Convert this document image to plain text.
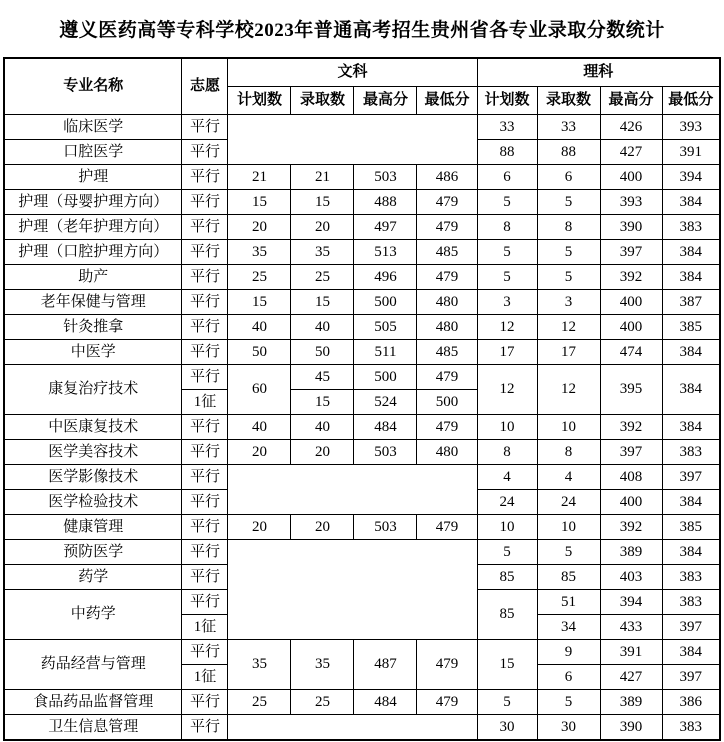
遵义医药高等专科学校2023年普通高考招生贵州省各专业录取分数统计
专业名称	志愿	文科				理科			
		计划数	录取数	最高分	最低分	计划数	录取数	最高分	最低分
临床医学	平行					33	33	426	393
口腔医学	平行					88	88	427	391
护理	平行	21	21	503	486	6	6	400	394
护理（母婴护理方向）	平行	15	15	488	479	5	5	393	384
护理（老年护理方向）	平行	20	20	497	479	8	8	390	383
护理（口腔护理方向）	平行	35	35	513	485	5	5	397	384
助产	平行	25	25	496	479	5	5	392	384
老年保健与管理	平行	15	15	500	480	3	3	400	387
针灸推拿	平行	40	40	505	480	12	12	400	385
中医学	平行	50	50	511	485	17	17	474	384
康复治疗技术	平行	60	45	500	479	12	12	395	384
	1征		15	524	500				
中医康复技术	平行	40	40	484	479	10	10	392	384
医学美容技术	平行	20	20	503	480	8	8	397	383
医学影像技术	平行					4	4	408	397
医学检验技术	平行					24	24	400	384
健康管理	平行	20	20	503	479	10	10	392	385
预防医学	平行					5	5	389	384
药学	平行					85	85	403	383
中药学	平行					85	51	394	383
	1征						34	433	397
药品经营与管理	平行	35	35	487	479	15	9	391	384
	1征						6	427	397
食品药品监督管理	平行	25	25	484	479	5	5	389	386
卫生信息管理	平行					30	30	390	383
